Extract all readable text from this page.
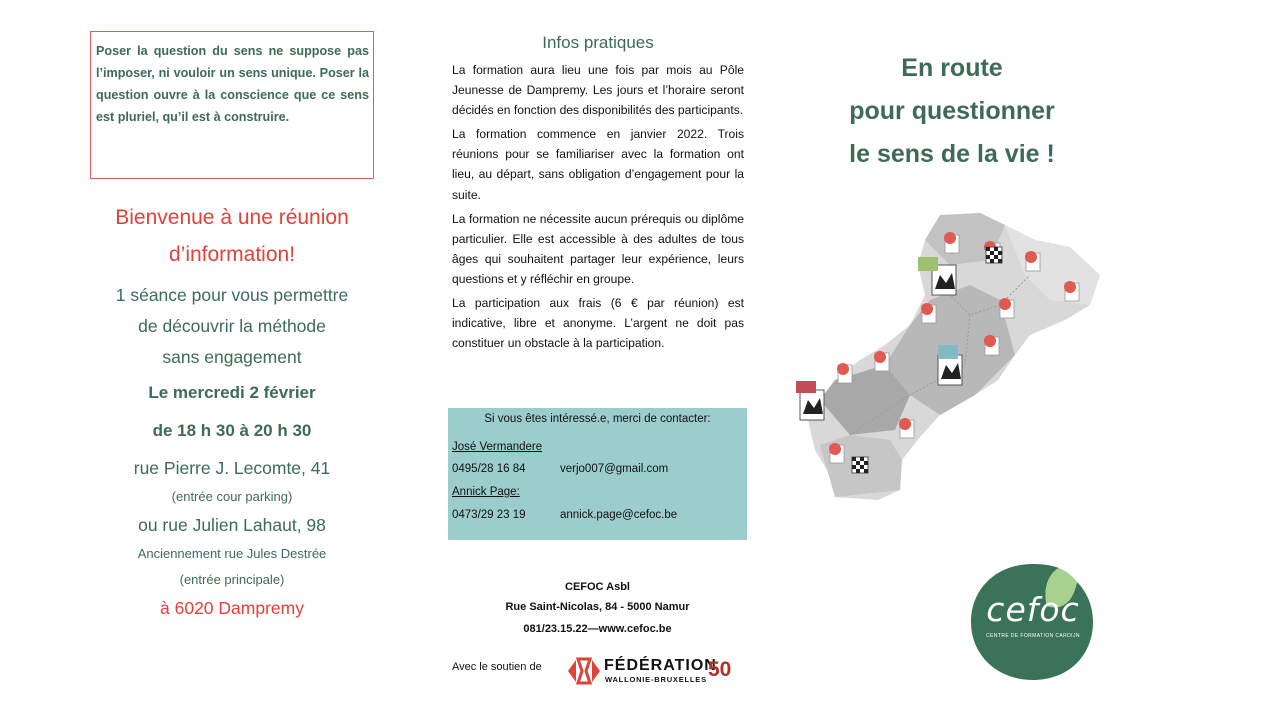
Poser la question du sens ne suppose pas l’imposer, ni vouloir un sens unique. Poser la question ouvre à la conscience que ce sens est pluriel, qu’il est à construire.

Bienvenue à une réunion
d’information!
1 séance pour vous permettre
de découvrir la méthode
sans engagement
Le mercredi 2 février
de 18 h 30 à 20 h 30
rue Pierre J. Lecomte, 41
(entrée cour parking)
ou rue Julien Lahaut, 98
Anciennement rue Jules Destrée
(entrée principale)
à 6020 Dampremy
Infos pratiques

La formation aura lieu une fois par mois au Pôle Jeunesse de Dampremy. Les jours et l’horaire seront décidés en fonction des disponibilités des participants.

La formation commence en janvier 2022. Trois réunions pour se familiariser avec la formation ont lieu, au départ, sans obligation d’engagement pour la suite.

La formation ne nécessite aucun prérequis ou diplôme particulier. Elle est accessible à des adultes de tous âges qui souhaitent partager leur expérience, leurs questions et y réfléchir en groupe.

La participation aux frais (6 € par réunion) est indicative, libre et anonyme. L’argent ne doit pas constituer un obstacle à la participation.

Si vous êtes intéressé.e, merci de contacter:
José Vermandere
0495/28 16 84	verjo007@gmail.com
Annick Page:
0473/29 23 19	annick.page@cefoc.be
CEFOC Asbl
Rue Saint-Nicolas, 84 - 5000 Namur
081/23.15.22—www.cefoc.be
Avec le soutien de	FÉDÉRATION
WALLONIE-BRUXELLES 50
En route
pour questionner
le sens de la vie !
cefoc
CENTRE DE FORMATION CARDIJN
